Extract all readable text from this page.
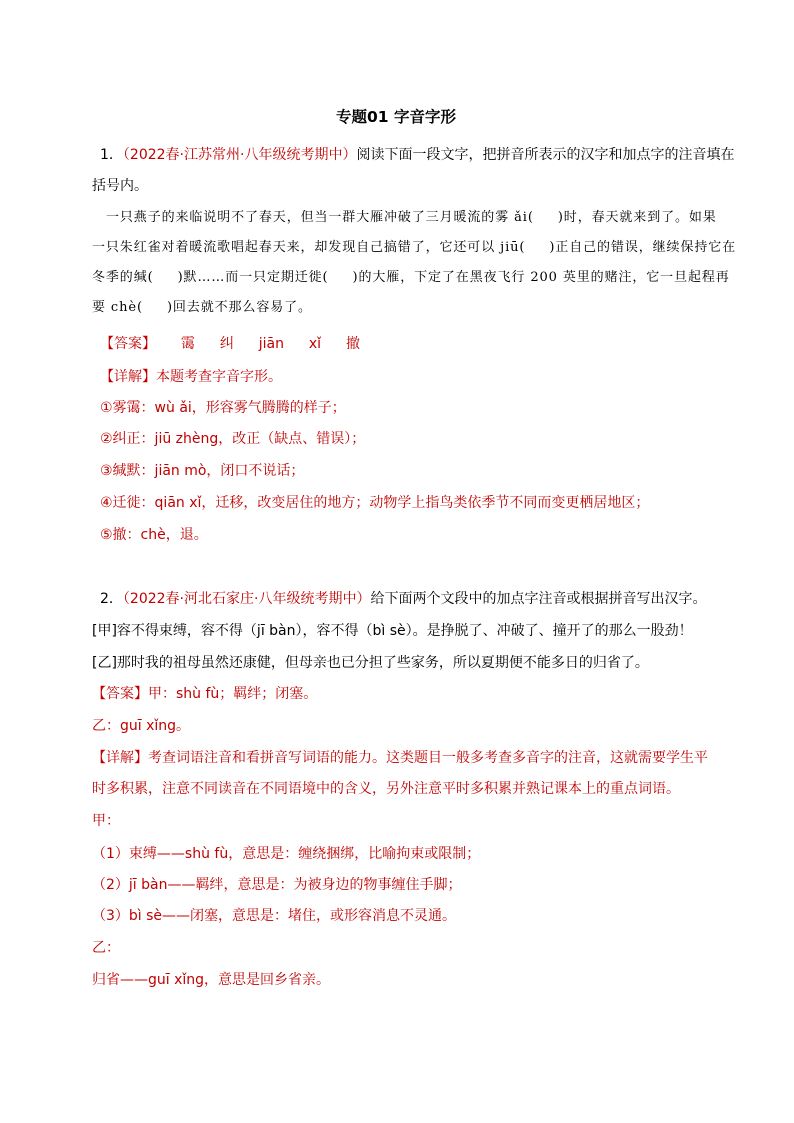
专题01 字音字形
1．（2022春·江苏常州·八年级统考期中）阅读下面一段文字，把拼音所表示的汉字和加点字的注音填在
括号内。
一只燕子的来临说明不了春天，但当一群大雁冲破了三月暖流的雾 ǎi( )时，春天就来到了。如果
一只朱红雀对着暖流歌唱起春天来，却发现自己搞错了，它还可以 jiū( )正自己的错误，继续保持它在
冬季的缄( )默……而一只定期迁徙( )的大雁，下定了在黑夜飞行 200 英里的赌注，它一旦起程再
要 chè( )回去就不那么容易了。
【答案】 霭 纠 jiān xǐ 撤
【详解】本题考查字音字形。
①雾霭：wù ǎi，形容雾气腾腾的样子；
②纠正：jiū zhèng，改正（缺点、错误）；
③缄默：jiān mò，闭口不说话；
④迁徙：qiān xǐ，迁移，改变居住的地方；动物学上指鸟类依季节不同而变更栖居地区；
⑤撤：chè，退。
2．（2022春·河北石家庄·八年级统考期中）给下面两个文段中的加点字注音或根据拼音写出汉字。
[甲]容不得束缚，容不得（jī bàn），容不得（bì sè）。是挣脱了、冲破了、撞开了的那么一股劲！
[乙]那时我的祖母虽然还康健，但母亲也已分担了些家务，所以夏期便不能多日的归省了。
【答案】甲：shù fù；羁绊；闭塞。
乙：guī xǐng。
【详解】考查词语注音和看拼音写词语的能力。这类题目一般多考查多音字的注音，这就需要学生平
时多积累，注意不同读音在不同语境中的含义，另外注意平时多积累并熟记课本上的重点词语。
甲：
（1）束缚——shù fù，意思是：缠绕捆绑，比喻拘束或限制；
（2）jī bàn——羁绊，意思是：为被身边的物事缠住手脚；
（3）bì sè——闭塞，意思是：堵住，或形容消息不灵通。
乙：
归省——guī xǐng，意思是回乡省亲。
